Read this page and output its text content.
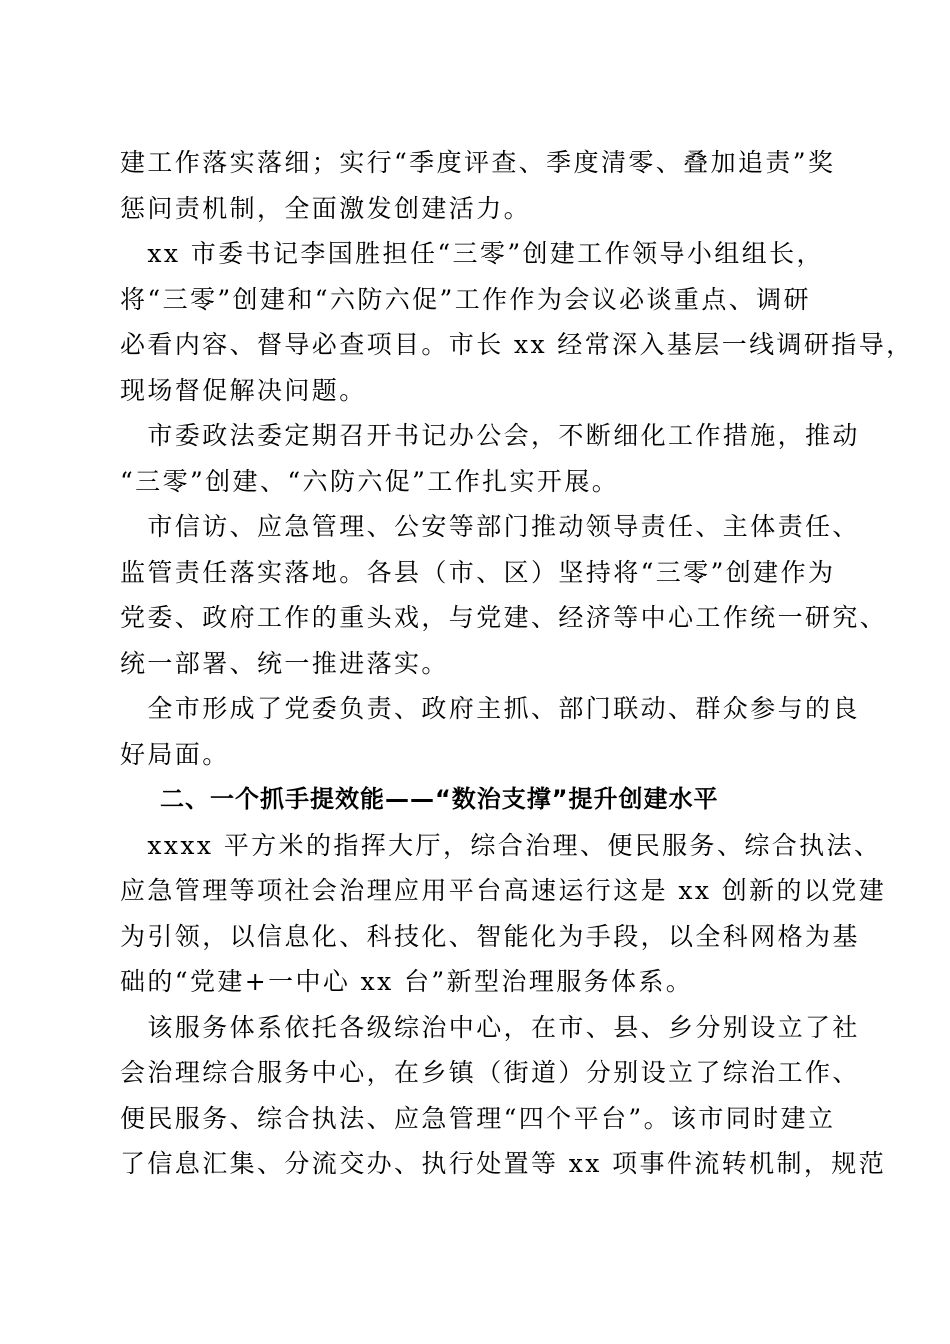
建工作落实落细；实行“季度评查、季度清零、叠加追责”奖
惩问责机制，全面激发创建活力。

　xx 市委书记李国胜担任“三零”创建工作领导小组组长，
将“三零”创建和“六防六促”工作作为会议必谈重点、调研
必看内容、督导必查项目。市长 xx 经常深入基层一线调研指导，
现场督促解决问题。

　市委政法委定期召开书记办公会，不断细化工作措施，推动
“三零”创建、“六防六促”工作扎实开展。

　市信访、应急管理、公安等部门推动领导责任、主体责任、
监管责任落实落地。各县（市、区）坚持将“三零”创建作为
党委、政府工作的重头戏，与党建、经济等中心工作统一研究、
统一部署、统一推进落实。

　全市形成了党委负责、政府主抓、部门联动、群众参与的良
好局面。

二、一个抓手提效能——“数治支撑”提升创建水平

　xxxx 平方米的指挥大厅，综合治理、便民服务、综合执法、
应急管理等项社会治理应用平台高速运行这是 xx 创新的以党建
为引领，以信息化、科技化、智能化为手段，以全科网格为基
础的“党建+一中心 xx 台”新型治理服务体系。

　该服务体系依托各级综治中心，在市、县、乡分别设立了社
会治理综合服务中心，在乡镇（街道）分别设立了综治工作、
便民服务、综合执法、应急管理“四个平台”。该市同时建立
了信息汇集、分流交办、执行处置等 xx 项事件流转机制，规范
